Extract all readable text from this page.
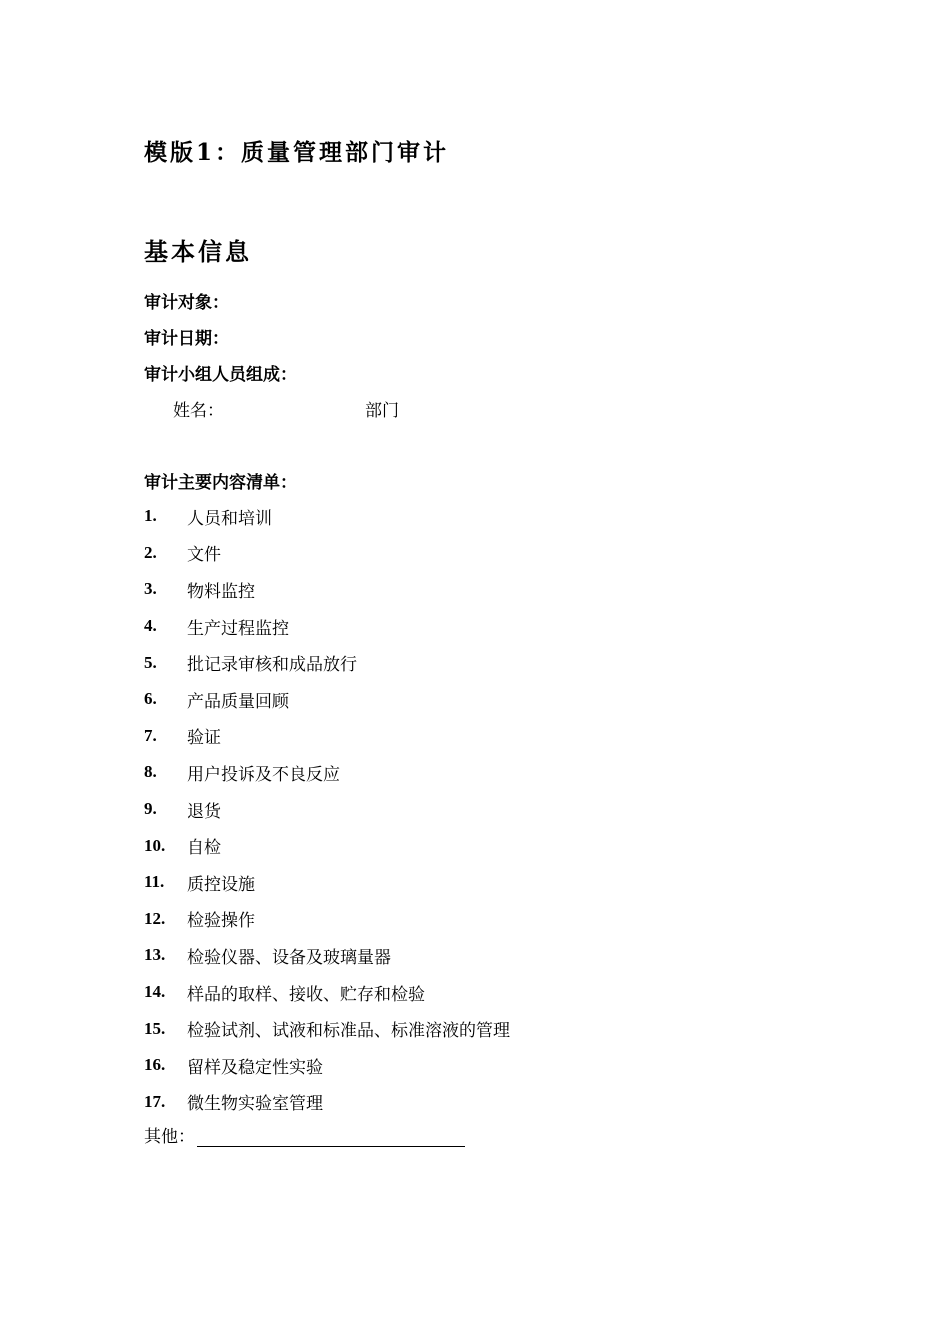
模版1：质量管理部门审计
基本信息
审计对象：
审计日期：
审计小组人员组成：
姓名：	部门
审计主要内容清单：
1.	人员和培训
2.	文件
3.	物料监控
4.	生产过程监控
5.	批记录审核和成品放行
6.	产品质量回顾
7.	验证
8.	用户投诉及不良反应
9.	退货
10.	自检
11.	质控设施
12.	检验操作
13.	检验仪器、设备及玻璃量器
14.	样品的取样、接收、贮存和检验
15.	检验试剂、试液和标准品、标准溶液的管理
16.	留样及稳定性实验
17.	微生物实验室管理
其他：
